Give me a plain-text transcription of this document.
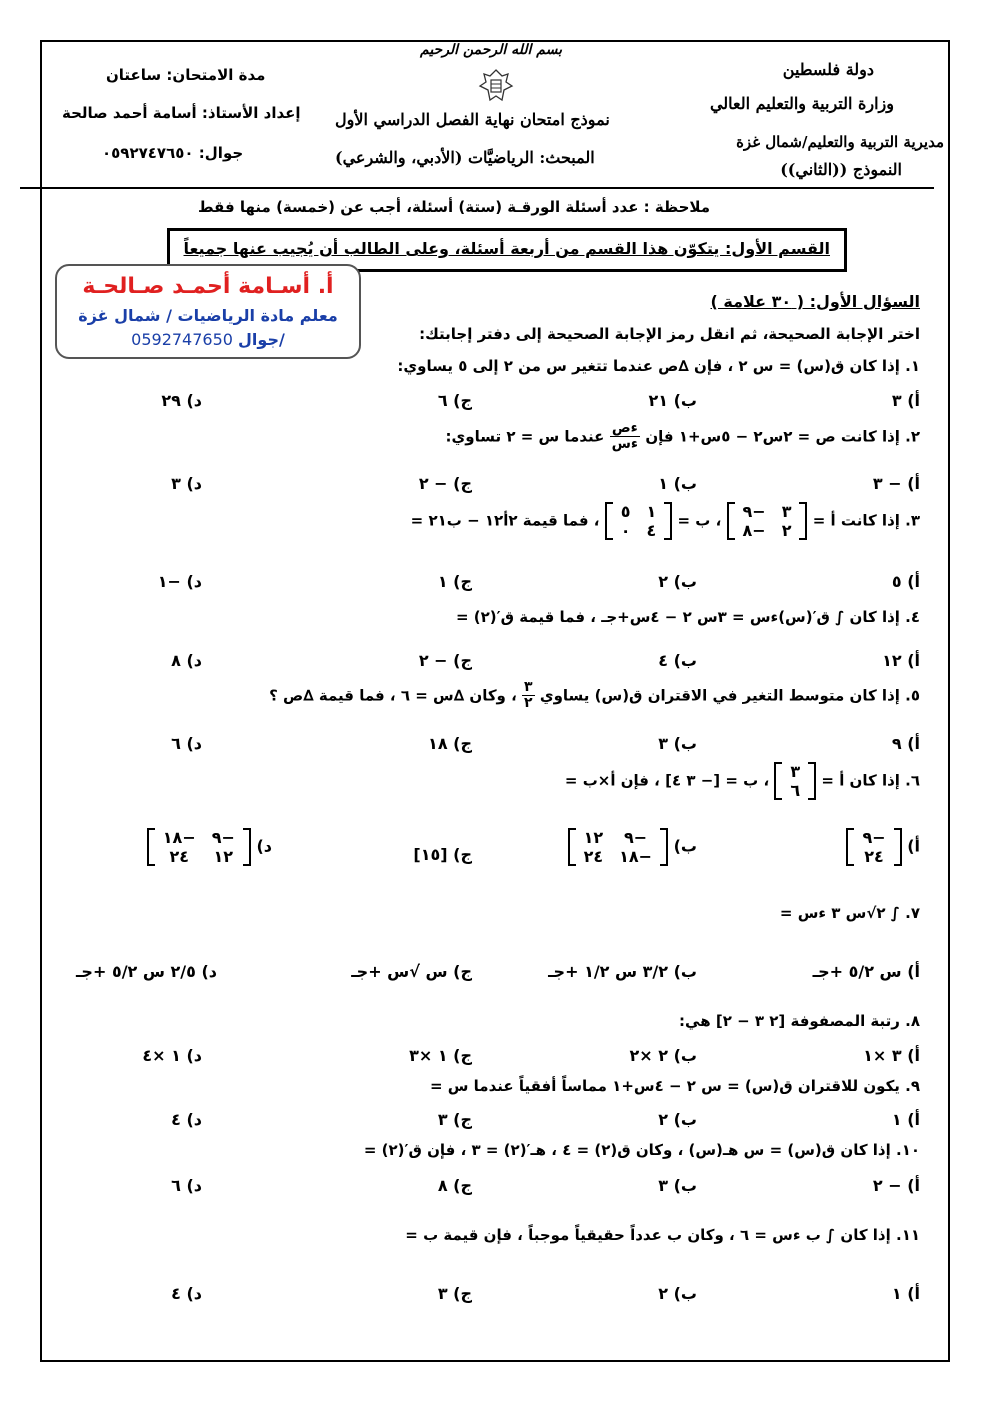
دولة فلسطين
وزارة التربية والتعليم العالي
مديرية التربية والتعليم/شمال غزة
النموذج ((الثاني))
بسم الله الرحمن الرحيم
نموذج امتحان نهاية الفصل الدراسي الأول
المبحث: الرياضيَّات (الأدبي، والشرعي)
مدة الامتحان: ساعتان
إعداد الأستاذ: أسامة أحمد صالحة
جوال: ٠٥٩٢٧٤٧٦٥٠
ملاحظة : عدد أسئلة الورقـة (ستة) أسئلة، أجب عن (خمسة) منها فقط
القسم الأول: يتكوّن هذا القسم من أربعة أسئلة، وعلى الطالب أن يُجيب عنها جميعاً
أ. أسـامة أحمـد صـالحـة
معلم مادة الرياضيات / شمال غزة
0592747650 جوال/
السؤال الأول: ( ٣٠ علامة )
اختر الإجابة الصحيحة، ثم انقل رمز الإجابة الصحيحة إلى دفتر إجابتك:
١. إذا كان ق(س) = س ٢ ، فإن ∆ص عندما تتغير س من ٢ إلى ٥ يساوي:
أ) ٣
ب) ٢١
ج) ٦
د) ٢٩
٢. إذا كانت ص = ٢س٢ − ٥س+١ فإن
$\frac{\text{ءص}}{\text{ءس}}$
عندما س = ٢ تساوي:
أ) − ٣
ب) ١
ج) − ٢
د) ٣
٣. إذا كانت أ =
٣	−٩
٢	−٨
، ب =
١	٥
٤	٠
، فما قيمة ٢أ١٢ − ب٢١ =
أ) ٥
ب) ٢
ج) ١
د) −١
٤. إذا كان ∫ ق′(س)ءس = ٣س ٢ − ٤س+جـ ، فما قيمة ق′(٢) =
أ) ١٢
ب) ٤
ج) − ٢
د) ٨
٥. إذا كان متوسط التغير في الاقتران ق(س) يساوي
$\frac{٣}{٢}$
، وكان ∆س = ٦ ، فما قيمة ∆ص ؟
أ) ٩
ب) ٣
ج) ١٨
د) ٦
٦. إذا كان أ =
٣
٦
، ب = [− ٣ ٤] ، فإن أ×ب =
أ)
−٩
٢٤
ب)
−٩	١٢
−١٨	٢٤
ج) [١٥]
د)
−٩	−١٨
١٢	٢٤
٧. ∫ ٢√س ٣ ءس =
أ) س ٥/٢ +جـ
ب) ٣/٢ س ١/٢ +جـ
ج) س √س +جـ
د) ٢/٥ س ٥/٢ +جـ
٨. رتبة المصفوفة [٢ ٣ − ٢] هي:
أ) ٣ ×١
ب) ٢ ×٢
ج) ١ ×٣
د) ١ ×٤
٩. يكون للاقتران ق(س) = س ٢ − ٤س+١ مماساً أفقياً عندما س =
أ) ١
ب) ٢
ج) ٣
د) ٤
١٠. إذا كان ق(س) = س هـ(س) ، وكان ق(٢) = ٤ ، هـ′(٢) = ٣ ، فإن ق′(٢) =
أ) − ٢
ب) ٣
ج) ٨
د) ٦
١١. إذا كان ∫ ب ءس = ٦ ، وكان ب عدداً حقيقياً موجباً ، فإن قيمة ب =
أ) ١
ب) ٢
ج) ٣
د) ٤
